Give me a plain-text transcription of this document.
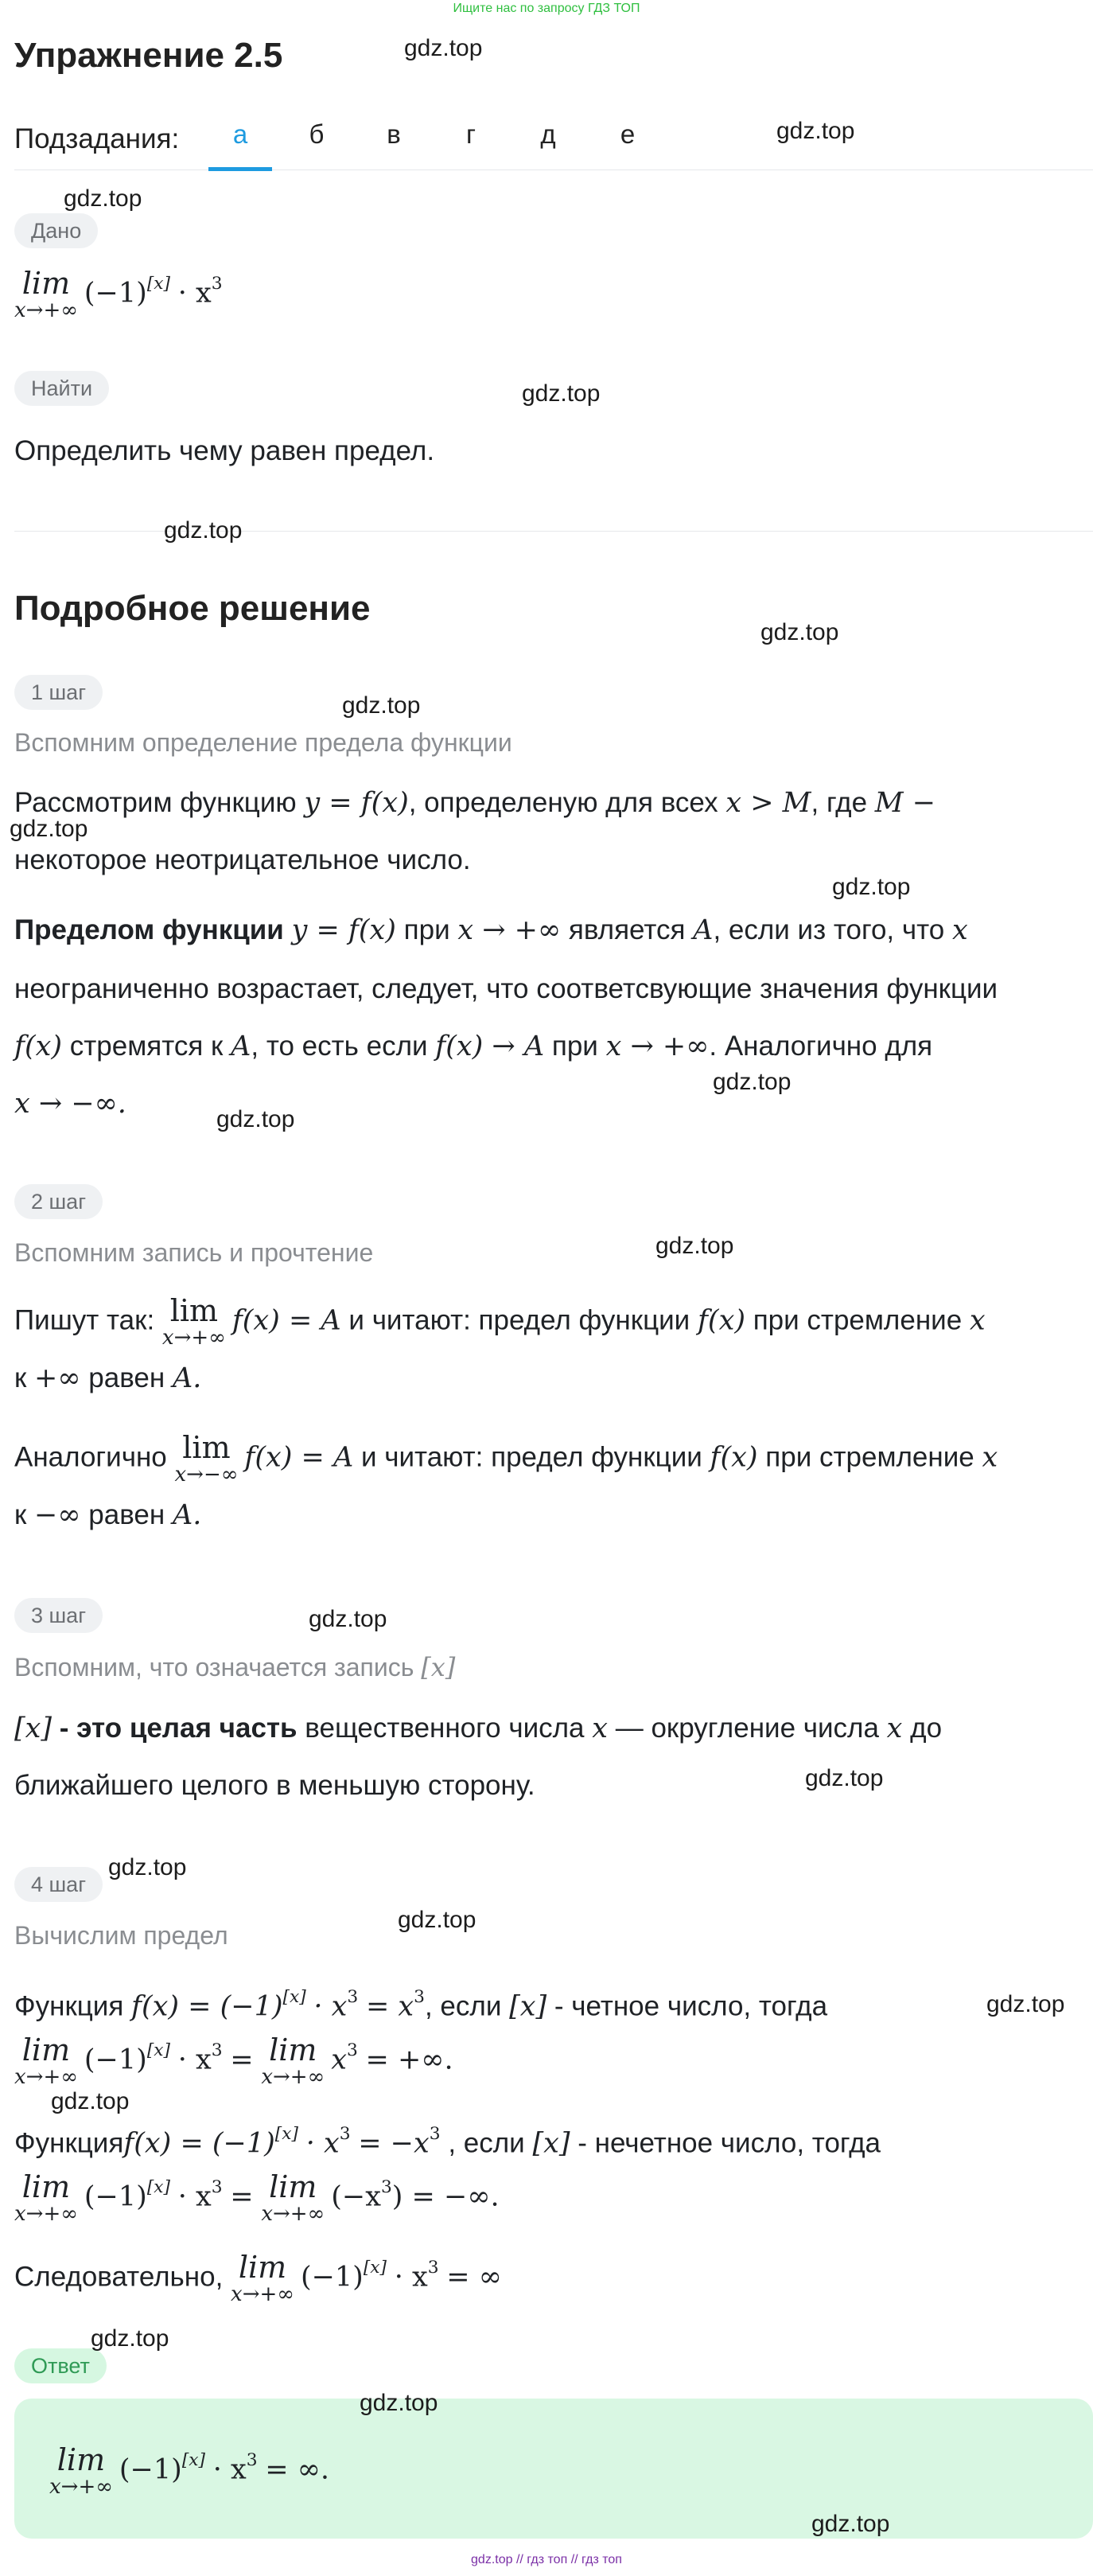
Ищите нас по запросу ГДЗ ТОП
Упражнение 2.5
Подзадания:	а	б	в	г	д	е
Дано
lim
x→+∞
$(-1)[x] \cdot x^3$
Найти
Определить чему равен предел.
Подробное решение
1 шаг
Вспомним определение предела функции
Рассмотрим функцию y = f(x), определеную для всех x > M, где M −
некоторое неотрицательное число.
Пределом функции y = f(x) при x → +∞ является A, если из того, что x
неограниченно возрастает, следует, что соответсвующие значения функции
f(x) стремятся к A, то есть если f(x) → A при x → +∞. Аналогично для
x → −∞.
2 шаг
Вспомним запись и прочтение
Пишут так: lim
x→+∞
f(x) = A и читают: предел функции f(x) при стремление x
к +∞ равен A.
Аналогично lim
x→−∞
f(x) = A и читают: предел функции f(x) при стремление x
к −∞ равен A.
3 шаг
Вспомним, что означается запись [x]
[x] - это целая часть вещественного числа x — округление числа x до
ближайшего целого в меньшую сторону.
4 шаг
Вычислим предел
Функция $f(x) = (-1)[x] \cdot x^3 = x^3$, если [x] - четное число, тогда
lim
x→+∞
$(-1)[x] \cdot x^3 = \lim$
x→+∞
$x^3$ = +∞.
Функцияf(x) = $(-1)[x] \cdot x^3 = -x^3$ , если [x] - нечетное число, тогда
lim
x→+∞
$(-1)[x] \cdot x^3 = \lim$
x→+∞
$(-x^3)$ = −∞.
Следовательно, lim
x→+∞
$(-1)[x] \cdot x^3$ = ∞
Ответ
lim
x→+∞
$(-1)[x] \cdot x^3$ = ∞.
gdz.top
gdz.top
gdz.top
gdz.top
gdz.top
gdz.top
gdz.top
gdz.top
gdz.top
gdz.top
gdz.top
gdz.top
gdz.top
gdz.top
gdz.top
gdz.top
gdz.top
gdz.top
gdz.top
gdz.top
gdz.top
gdz.top // гдз топ // гдз топ
